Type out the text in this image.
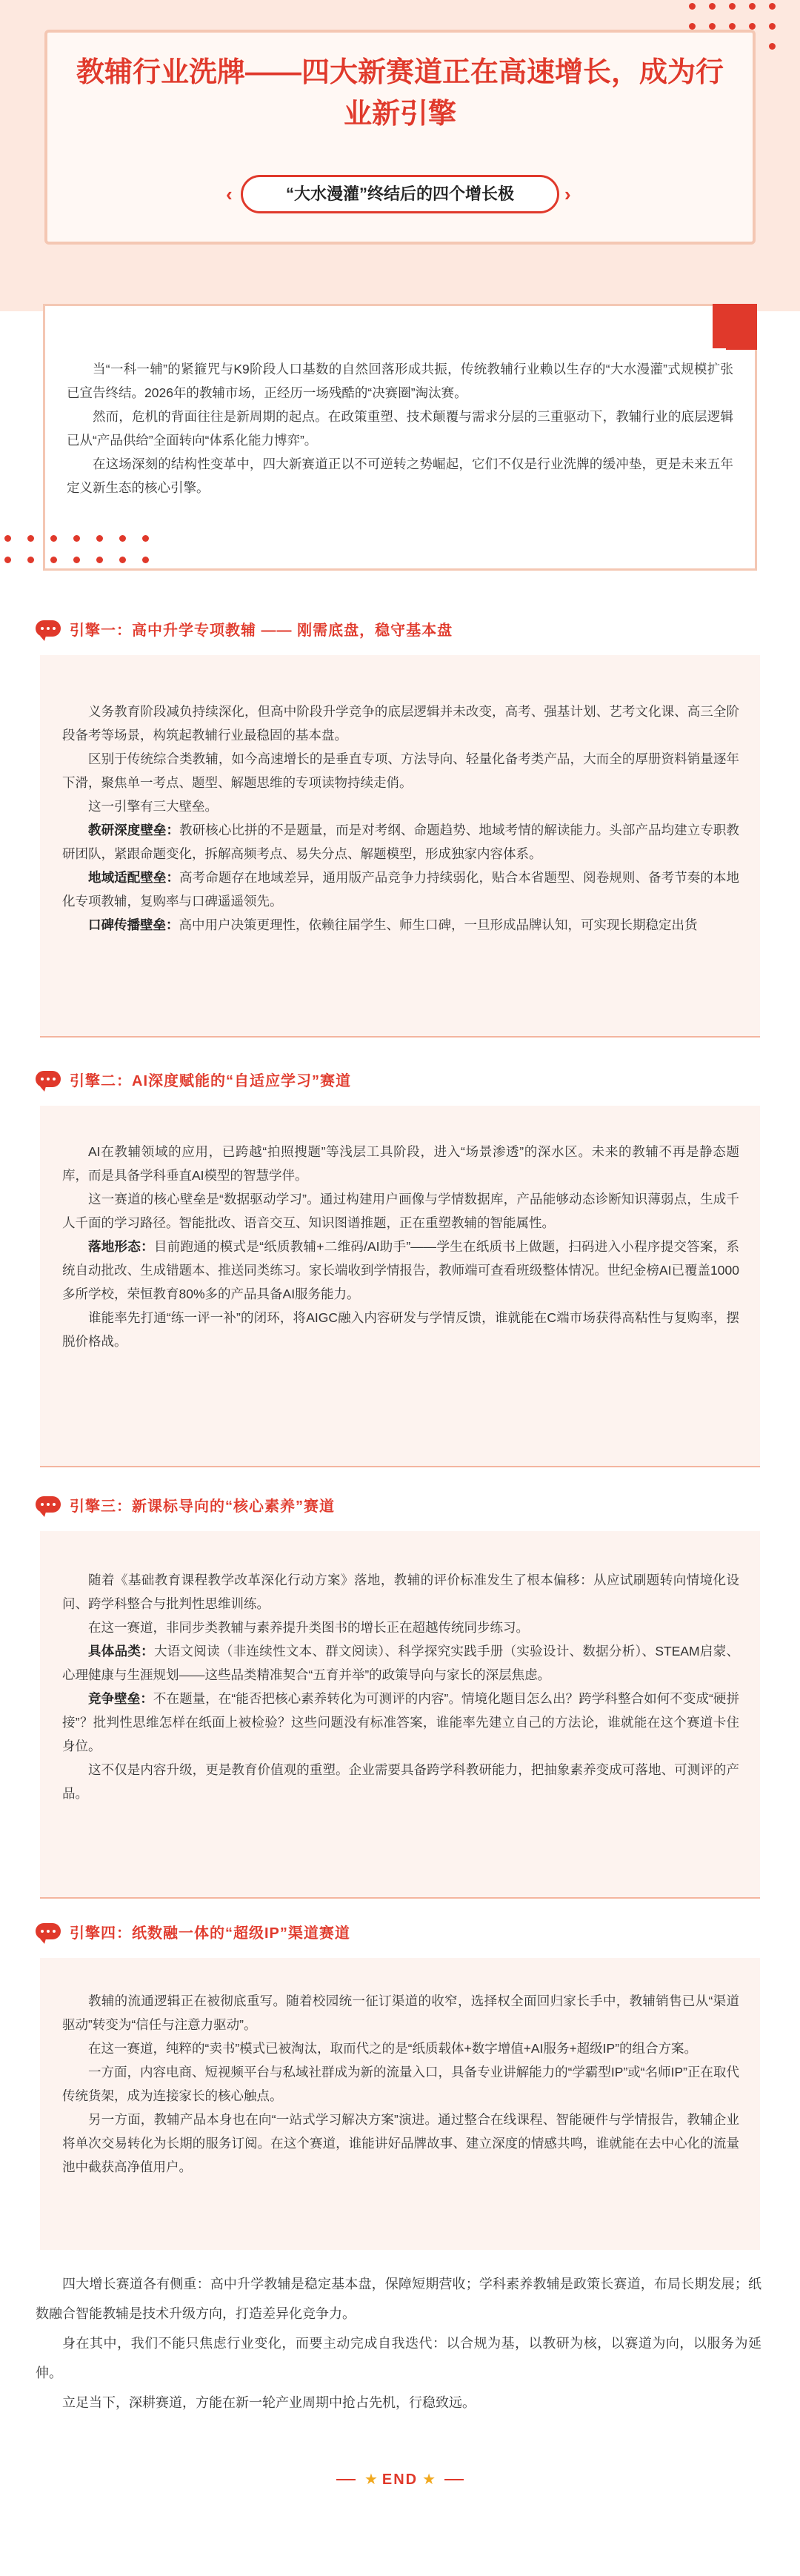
教辅行业洗牌——四大新赛道正在高速增长，成为行业新引擎
‹	“大水漫灌”终结后的四个增长极	›

当“一科一辅”的紧箍咒与K9阶段人口基数的自然回落形成共振，传统教辅行业赖以生存的“大水漫灌”式规模扩张已宣告终结。2026年的教辅市场，正经历一场残酷的“决赛圈”淘汰赛。

然而，危机的背面往往是新周期的起点。在政策重塑、技术颠覆与需求分层的三重驱动下，教辅行业的底层逻辑已从“产品供给”全面转向“体系化能力博弈”。

在这场深刻的结构性变革中，四大新赛道正以不可逆转之势崛起，它们不仅是行业洗牌的缓冲垫，更是未来五年定义新生态的核心引擎。

引擎一：高中升学专项教辅 —— 刚需底盘，稳守基本盘

义务教育阶段减负持续深化，但高中阶段升学竞争的底层逻辑并未改变，高考、强基计划、艺考文化课、高三全阶段备考等场景，构筑起教辅行业最稳固的基本盘。

区别于传统综合类教辅，如今高速增长的是垂直专项、方法导向、轻量化备考类产品，大而全的厚册资料销量逐年下滑，聚焦单一考点、题型、解题思维的专项读物持续走俏。

这一引擎有三大壁垒。

教研深度壁垒：教研核心比拼的不是题量，而是对考纲、命题趋势、地域考情的解读能力。头部产品均建立专职教研团队，紧跟命题变化，拆解高频考点、易失分点、解题模型，形成独家内容体系。

地域适配壁垒：高考命题存在地域差异，通用版产品竞争力持续弱化，贴合本省题型、阅卷规则、备考节奏的本地化专项教辅，复购率与口碑遥遥领先。

口碑传播壁垒：高中用户决策更理性，依赖往届学生、师生口碑，一旦形成品牌认知，可实现长期稳定出货

引擎二：AI深度赋能的“自适应学习”赛道

AI在教辅领域的应用，已跨越“拍照搜题”等浅层工具阶段，进入“场景渗透”的深水区。未来的教辅不再是静态题库，而是具备学科垂直AI模型的智慧学伴。

这一赛道的核心壁垒是“数据驱动学习”。通过构建用户画像与学情数据库，产品能够动态诊断知识薄弱点，生成千人千面的学习路径。智能批改、语音交互、知识图谱推题，正在重塑教辅的智能属性。

落地形态：目前跑通的模式是“纸质教辅+二维码/AI助手”——学生在纸质书上做题，扫码进入小程序提交答案，系统自动批改、生成错题本、推送同类练习。家长端收到学情报告，教师端可查看班级整体情况。世纪金榜AI已覆盖1000多所学校，荣恒教育80%多的产品具备AI服务能力。

谁能率先打通“练一评一补”的闭环，将AIGC融入内容研发与学情反馈，谁就能在C端市场获得高粘性与复购率，摆脱价格战。

引擎三：新课标导向的“核心素养”赛道

随着《基础教育课程教学改革深化行动方案》落地，教辅的评价标准发生了根本偏移：从应试刷题转向情境化设问、跨学科整合与批判性思维训练。

在这一赛道，非同步类教辅与素养提升类图书的增长正在超越传统同步练习。

具体品类：大语文阅读（非连续性文本、群文阅读）、科学探究实践手册（实验设计、数据分析）、STEAM启蒙、心理健康与生涯规划——这些品类精准契合“五育并举”的政策导向与家长的深层焦虑。

竞争壁垒：不在题量，在“能否把核心素养转化为可测评的内容”。情境化题目怎么出？跨学科整合如何不变成“硬拼接”？批判性思维怎样在纸面上被检验？这些问题没有标准答案，谁能率先建立自己的方法论，谁就能在这个赛道卡住身位。

这不仅是内容升级，更是教育价值观的重塑。企业需要具备跨学科教研能力，把抽象素养变成可落地、可测评的产品。

引擎四：纸数融一体的“超级IP”渠道赛道

教辅的流通逻辑正在被彻底重写。随着校园统一征订渠道的收窄，选择权全面回归家长手中，教辅销售已从“渠道驱动”转变为“信任与注意力驱动”。

在这一赛道，纯粹的“卖书”模式已被淘汰，取而代之的是“纸质载体+数字增值+AI服务+超级IP”的组合方案。

一方面，内容电商、短视频平台与私域社群成为新的流量入口，具备专业讲解能力的“学霸型IP”或“名师IP”正在取代传统货架，成为连接家长的核心触点。

另一方面，教辅产品本身也在向“一站式学习解决方案”演进。通过整合在线课程、智能硬件与学情报告，教辅企业将单次交易转化为长期的服务订阅。在这个赛道，谁能讲好品牌故事、建立深度的情感共鸣，谁就能在去中心化的流量池中截获高净值用户。

四大增长赛道各有侧重：高中升学教辅是稳定基本盘，保障短期营收；学科素养教辅是政策长赛道，布局长期发展；纸数融合智能教辅是技术升级方向，打造差异化竞争力。

身在其中，我们不能只焦虑行业变化，而要主动完成自我迭代：以合规为基，以教研为核，以赛道为向，以服务为延伸。

立足当下，深耕赛道，方能在新一轮产业周期中抢占先机，行稳致远。

★ END ★
